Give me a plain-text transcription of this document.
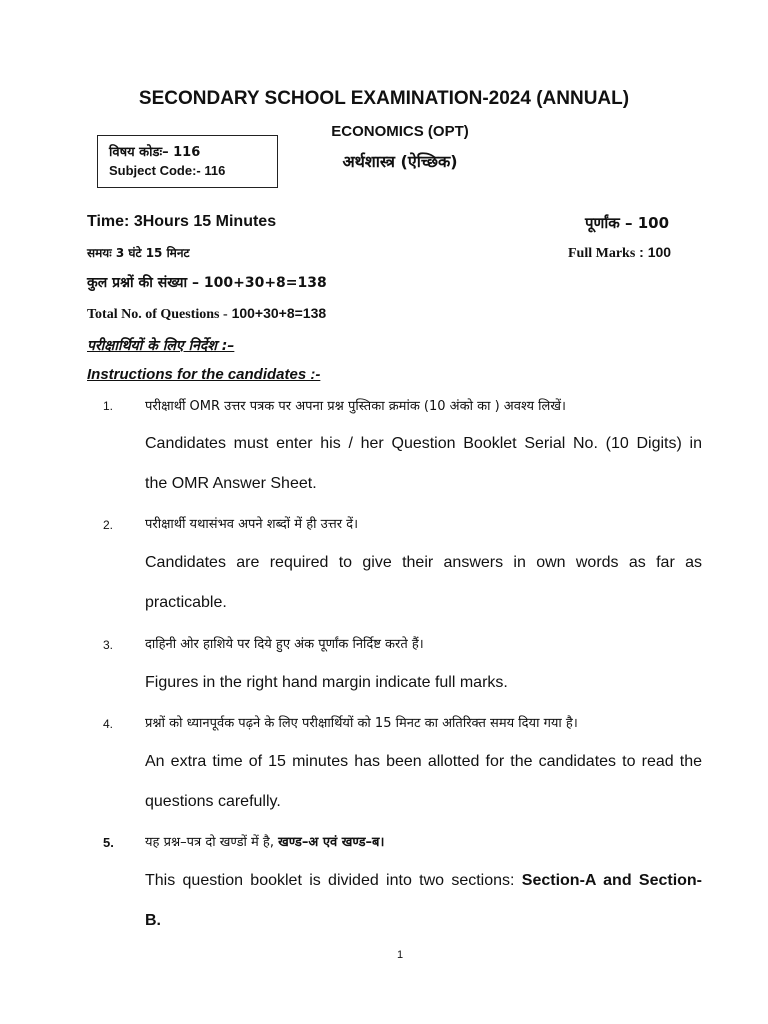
SECONDARY SCHOOL EXAMINATION-2024 (ANNUAL)
ECONOMICS (OPT)
अर्थशास्त्र (ऐच्छिक)
विषय कोडः– 116
Subject Code:- 116
Time: 3Hours 15 Minutes
समयः 3 घंटे 15 मिनट
पूर्णांक – 100
Full Marks : 100
कुल प्रश्नों की संख्या – 100+30+8=138
Total No. of Questions - 100+30+8=138
परीक्षार्थियों के लिए निर्देश :–
Instructions for the candidates :-
1. परीक्षार्थी OMR उत्तर पत्रक पर अपना प्रश्न पुस्तिका क्रमांक (10 अंको का ) अवश्य लिखें।
Candidates must enter his / her Question Booklet Serial No. (10 Digits) in
the OMR Answer Sheet.
2. परीक्षार्थी यथासंभव अपने शब्दों में ही उत्तर दें।
Candidates are required to give their answers in own words as far as
practicable.
3. दाहिनी ओर हाशिये पर दिये हुए अंक पूर्णांक निर्दिष्ट करते हैं।
Figures in the right hand margin indicate full marks.
4. प्रश्नों को ध्यानपूर्वक पढ़ने के लिए परीक्षार्थियों को 15 मिनट का अतिरिक्त समय दिया गया है।
An extra time of 15 minutes has been allotted for the candidates to read the
questions carefully.
5. यह प्रश्न–पत्र दो खण्डों में है, खण्ड–अ एवं खण्ड–ब।
This question booklet is divided into two sections: Section-A and Section-
B.
1
